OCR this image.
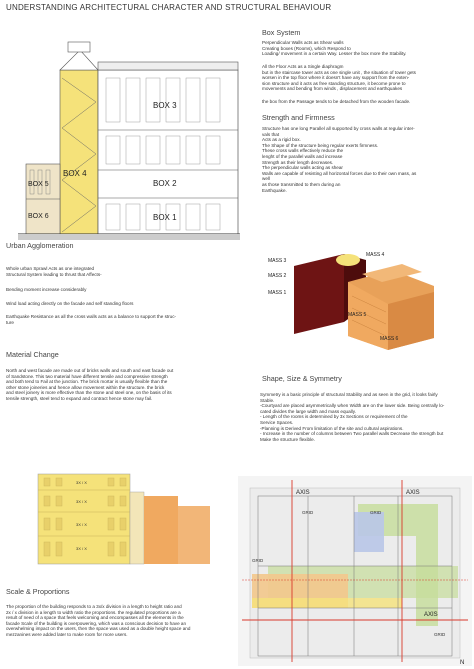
UNDERSTANDING ARCHITECTURAL CHARACTER AND STRUCTURAL BEHAVIOUR
BOX 1
BOX 2
BOX 3
BOX 4
BOX 5
BOX 6
Box System
Perpendicular Walls acts as Shear walls
Creating boxes (Rooms), which Respond to
Loading/ movement in a certain Way. Lesser the box more the Stability.
All the Floor Acts as a Single diaphragm
but in the staircase tower acts as one single unit , the situation of tower gets
worsen in the top floor where it doesn't have any support from the exten-
sion structure and it acts as free standing structure, it become prone to
movements and bending from winds , displacement and earthquakes
the box from the Passage tends to be detached from the wooden facade.
Strength and Firmness
Structure has one long Parallel all supported by cross walls at regular inter-
vals that
Acts as a rigid box.
The Shape of the structure being regular exerts firmness.
These cross walls effectively reduce the
lenght of the parallel walls and increase
Strength as their length decreases.
The perpendicular walls acting as shear
Walls are capable of resisting all horizontal forces due to their own mass, as
well
as those transmitted to them during an
Earthquake.
Urban Agglomeration
Whole urban Sprawl Acts as one integrated
Structural System leading to thrust that Affects-
Bending moment increase considerably
Wind load acting directly on the facade and self standing floors
Earthquake Resistance as all the cross walls acts as a balance to support the struc-
ture
MASS 4
MASS 3
MASS 2
MASS 1
MASS 5
MASS 6
Material Change
North and west facade are made out of bricks walls and south and east facade out
of Sandstone. This two material have different tensile and compressive strength
and both tend to Fail at the junction. The brick mortar is usually flexible than the
other stone joineries and hence allow movement within the structure. the brick
and steel joinery is more effective than the stone and steel one, on the basis of its
tensile strength, steel tend to expand and contract hence stone may fail.
Shape, Size & Symmetry
Symmetry is a basic principle of structural Stability and as seen in the grid, it looks fairly
Stable.
-Courtyard are placed asymmetrically when Width are on the lower side. Being centrally lo-
cated divides the large width and mass equally.
- Length of the rooms is determined by 3x Sections or requirement of the
Service Spaces.
-Planning is Derived From limitation of the site and cultural aspirations.
- Increase in the number of columns between Two parallel walls Decrease the strength but
Make the structure flexible.
3X / X
3X / X
3X / X
3X / X
AXIS	AXIS
AXIS
GRID	GRID
GRID
GRID
N
Scale & Proportions
The proportion of the building responds to a 3x/x division in a length to height ratio and
2x / x division in a length to width ratio the proportions. the regulated proportions are a
result of need of a space that feels welcoming and encompasses all the elements in the
facade Scale of the building is overpowering, which was a conscious decision to have an
overwhelming impact on the users, then the space was used as a double height space and
mezzanines were added later to make room for more users.
